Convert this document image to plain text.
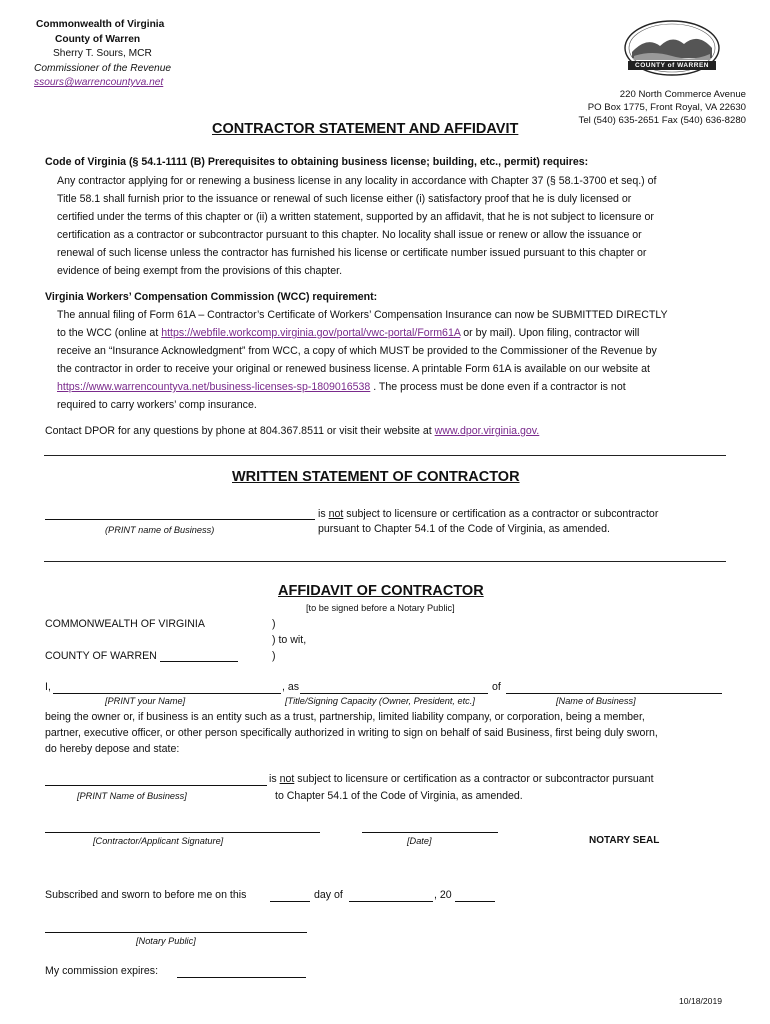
Commonwealth of Virginia
County of Warren
Sherry T. Sours, MCR
Commissioner of the Revenue
ssours@warrencountyva.net
COUNTY of WARREN
220 North Commerce Avenue
PO Box 1775, Front Royal, VA 22630
Tel (540) 635-2651 Fax (540) 636-8280
CONTRACTOR STATEMENT AND AFFIDAVIT
Code of Virginia (§ 54.1-1111 (B) Prerequisites to obtaining business license; building, etc., permit) requires:
Any contractor applying for or renewing a business license in any locality in accordance with Chapter 37 (§ 58.1-3700 et seq.) of
Title 58.1 shall furnish prior to the issuance or renewal of such license either (i) satisfactory proof that he is duly licensed or
certified under the terms of this chapter or (ii) a written statement, supported by an affidavit, that he is not subject to licensure or
certification as a contractor or subcontractor pursuant to this chapter. No locality shall issue or renew or allow the issuance or
renewal of such license unless the contractor has furnished his license or certificate number issued pursuant to this chapter or
evidence of being exempt from the provisions of this chapter.
Virginia Workers’ Compensation Commission (WCC) requirement:
The annual filing of Form 61A – Contractor’s Certificate of Workers’ Compensation Insurance can now be SUBMITTED DIRECTLY
to the WCC (online at https://webfile.workcomp.virginia.gov/portal/vwc-portal/Form61A or by mail). Upon filing, contractor will
receive an “Insurance Acknowledgment” from WCC, a copy of which MUST be provided to the Commissioner of the Revenue by
the contractor in order to receive your original or renewed business license. A printable Form 61A is available on our website at
https://www.warrencountyva.net/business-licenses-sp-1809016538 . The process must be done even if a contractor is not
required to carry workers’ comp insurance.
Contact DPOR for any questions by phone at 804.367.8511 or visit their website at www.dpor.virginia.gov.
WRITTEN STATEMENT OF CONTRACTOR
is not subject to licensure or certification as a contractor or subcontractor
(PRINT name of Business)	pursuant to Chapter 54.1 of the Code of Virginia, as amended.
AFFIDAVIT OF CONTRACTOR
[to be signed before a Notary Public]
COMMONWEALTH OF VIRGINIA
COUNTY OF WARREN
)
) to wit,
)
I,	, as	of
[PRINT your Name]	[Title/Signing Capacity (Owner, President, etc.]	[Name of Business]
being the owner or, if business is an entity such as a trust, partnership, limited liability company, or corporation, being a member,
partner, executive officer, or other person specifically authorized in writing to sign on behalf of said Business, first being duly sworn,
do hereby depose and state:
is not subject to licensure or certification as a contractor or subcontractor pursuant
[PRINT Name of Business]	to Chapter 54.1 of the Code of Virginia, as amended.
[Contractor/Applicant Signature]	[Date]	NOTARY SEAL
Subscribed and sworn to before me on this	day of	, 20
[Notary Public]
My commission expires:
10/18/2019
